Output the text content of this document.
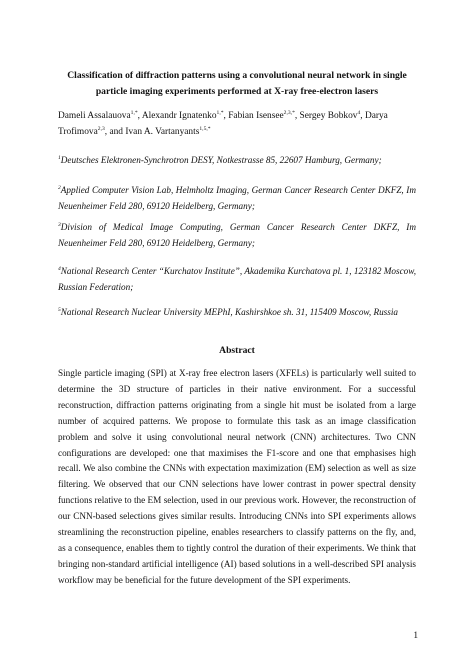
Classification of diffraction patterns using a convolutional neural network in single particle imaging experiments performed at X-ray free-electron lasers
Dameli Assalauova$^{1,*}$, Alexandr Ignatenko$^{1,*}$, Fabian Isensee$^{2,3,*}$, Sergey Bobkov$^4$, Darya Trofimova$^{2,3}$, and Ivan A. Vartanyants$^{1,5,*}$
$^1$Deutsches Elektronen-Synchrotron DESY, Notkestrasse 85, 22607 Hamburg, Germany;
$^2$Applied Computer Vision Lab, Helmholtz Imaging, German Cancer Research Center DKFZ, Im Neuenheimer Feld 280, 69120 Heidelberg, Germany;
$^3$Division of Medical Image Computing, German Cancer Research Center DKFZ, Im Neuenheimer Feld 280, 69120 Heidelberg, Germany;
$^4$National Research Center “Kurchatov Institute”, Akademika Kurchatova pl. 1, 123182 Moscow, Russian Federation;
$^5$National Research Nuclear University MEPhI, Kashirshkoe sh. 31, 115409 Moscow, Russia
Abstract
Single particle imaging (SPI) at X-ray free electron lasers (XFELs) is particularly well suited to determine the 3D structure of particles in their native environment. For a successful reconstruction, diffraction patterns originating from a single hit must be isolated from a large number of acquired patterns. We propose to formulate this task as an image classification problem and solve it using convolutional neural network (CNN) architectures. Two CNN configurations are developed: one that maximises the F1-score and one that emphasises high recall. We also combine the CNNs with expectation maximization (EM) selection as well as size filtering. We observed that our CNN selections have lower contrast in power spectral density functions relative to the EM selection, used in our previous work. However, the reconstruction of our CNN-based selections gives similar results. Introducing CNNs into SPI experiments allows streamlining the reconstruction pipeline, enables researchers to classify patterns on the fly, and, as a consequence, enables them to tightly control the duration of their experiments. We think that bringing non-standard artificial intelligence (AI) based solutions in a well-described SPI analysis workflow may be beneficial for the future development of the SPI experiments.
1
